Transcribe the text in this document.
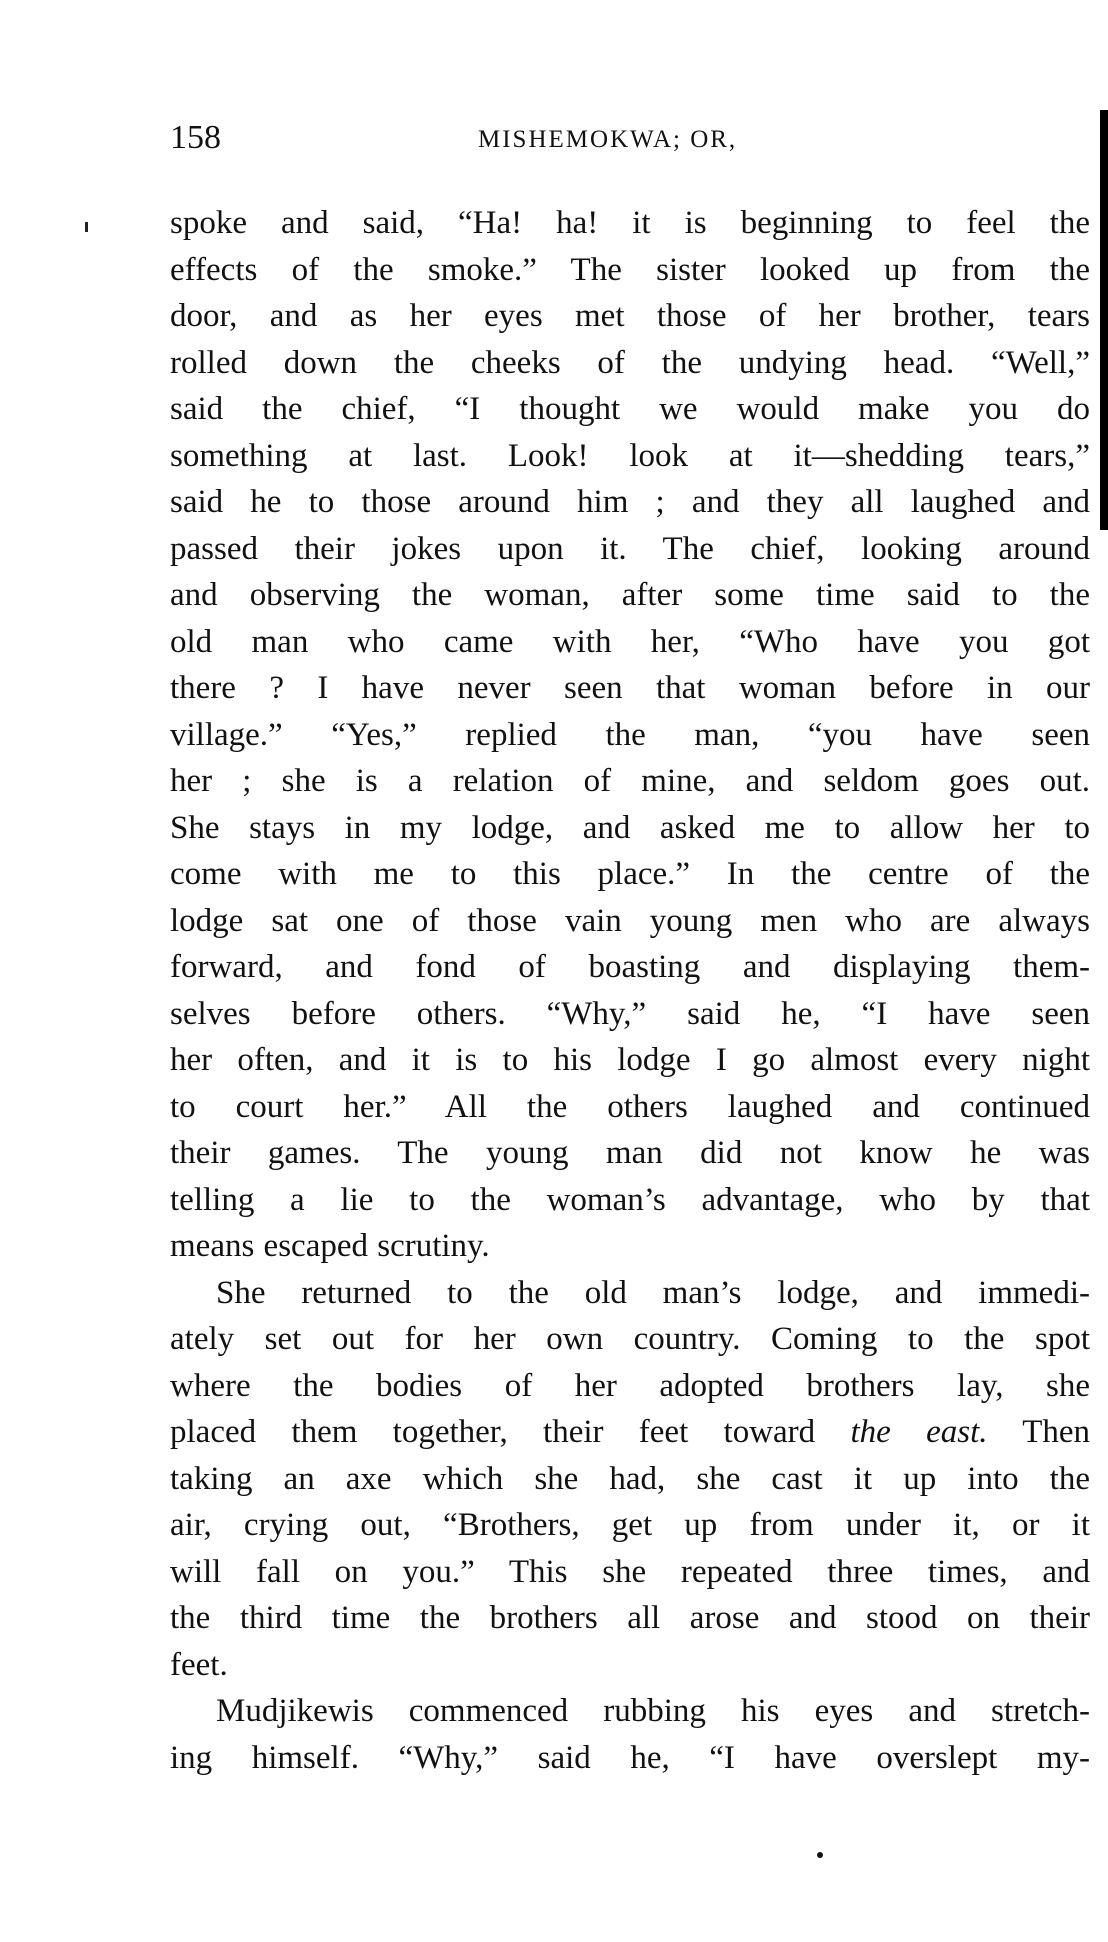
158	MISHEMOKWA; OR,

spoke and said, “Ha! ha! it is beginning to feel the
effects of the smoke.” The sister looked up from the
door, and as her eyes met those of her brother, tears
rolled down the cheeks of the undying head. “Well,”
said the chief, “I thought we would make you do
something at last. Look! look at it—shedding tears,”
said he to those around him ; and they all laughed and
passed their jokes upon it. The chief, looking around
and observing the woman, after some time said to the
old man who came with her, “Who have you got
there ? I have never seen that woman before in our
village.” “Yes,” replied the man, “you have seen
her ; she is a relation of mine, and seldom goes out.
She stays in my lodge, and asked me to allow her to
come with me to this place.” In the centre of the
lodge sat one of those vain young men who are always
forward, and fond of boasting and displaying them-
selves before others. “Why,” said he, “I have seen
her often, and it is to his lodge I go almost every night
to court her.” All the others laughed and continued
their games. The young man did not know he was
telling a lie to the woman’s advantage, who by that
means escaped scrutiny.

She returned to the old man’s lodge, and immedi-
ately set out for her own country. Coming to the spot
where the bodies of her adopted brothers lay, she
placed them together, their feet toward the east. Then
taking an axe which she had, she cast it up into the
air, crying out, “Brothers, get up from under it, or it
will fall on you.” This she repeated three times, and
the third time the brothers all arose and stood on their
feet.

Mudjikewis commenced rubbing his eyes and stretch-
ing himself. “Why,” said he, “I have overslept my-
